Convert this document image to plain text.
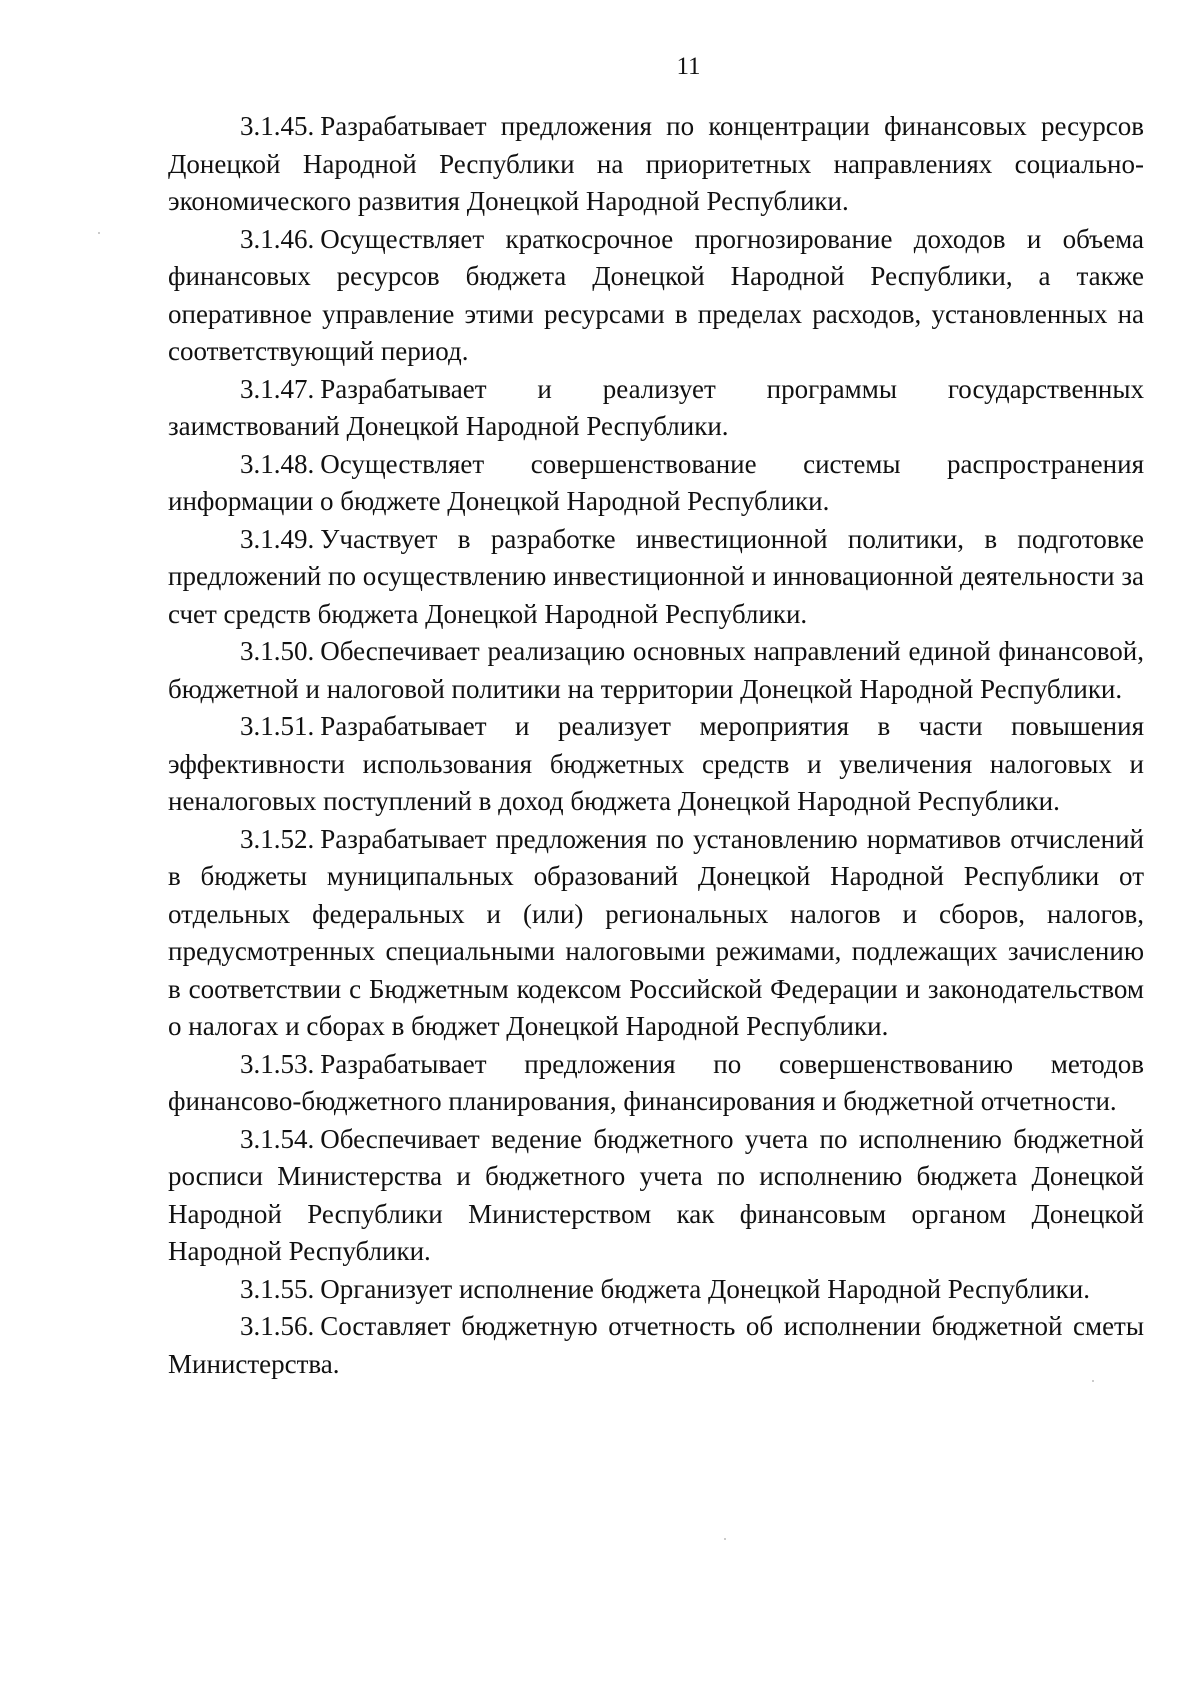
11

3.1.45. Разрабатывает предложения по концентрации финансовых ресурсов Донецкой Народной Республики на приоритетных направлениях социально-экономического развития Донецкой Народной Республики.

3.1.46. Осуществляет краткосрочное прогнозирование доходов и объема финансовых ресурсов бюджета Донецкой Народной Республики, а также оперативное управление этими ресурсами в пределах расходов, установленных на соответствующий период.

3.1.47. Разрабатывает и реализует программы государственных заимствований Донецкой Народной Республики.

3.1.48. Осуществляет совершенствование системы распространения информации о бюджете Донецкой Народной Республики.

3.1.49. Участвует в разработке инвестиционной политики, в подготовке предложений по осуществлению инвестиционной и инновационной деятельности за счет средств бюджета Донецкой Народной Республики.

3.1.50. Обеспечивает реализацию основных направлений единой финансовой, бюджетной и налоговой политики на территории Донецкой Народной Республики.

3.1.51. Разрабатывает и реализует мероприятия в части повышения эффективности использования бюджетных средств и увеличения налоговых и неналоговых поступлений в доход бюджета Донецкой Народной Республики.

3.1.52. Разрабатывает предложения по установлению нормативов отчислений в бюджеты муниципальных образований Донецкой Народной Республики от отдельных федеральных и (или) региональных налогов и сборов, налогов, предусмотренных специальными налоговыми режимами, подлежащих зачислению в соответствии с Бюджетным кодексом Российской Федерации и законодательством о налогах и сборах в бюджет Донецкой Народной Республики.

3.1.53. Разрабатывает предложения по совершенствованию методов финансово-бюджетного планирования, финансирования и бюджетной отчетности.

3.1.54. Обеспечивает ведение бюджетного учета по исполнению бюджетной росписи Министерства и бюджетного учета по исполнению бюджета Донецкой Народной Республики Министерством как финансовым органом Донецкой Народной Республики.

3.1.55. Организует исполнение бюджета Донецкой Народной Республики.

3.1.56. Составляет бюджетную отчетность об исполнении бюджетной сметы Министерства.
